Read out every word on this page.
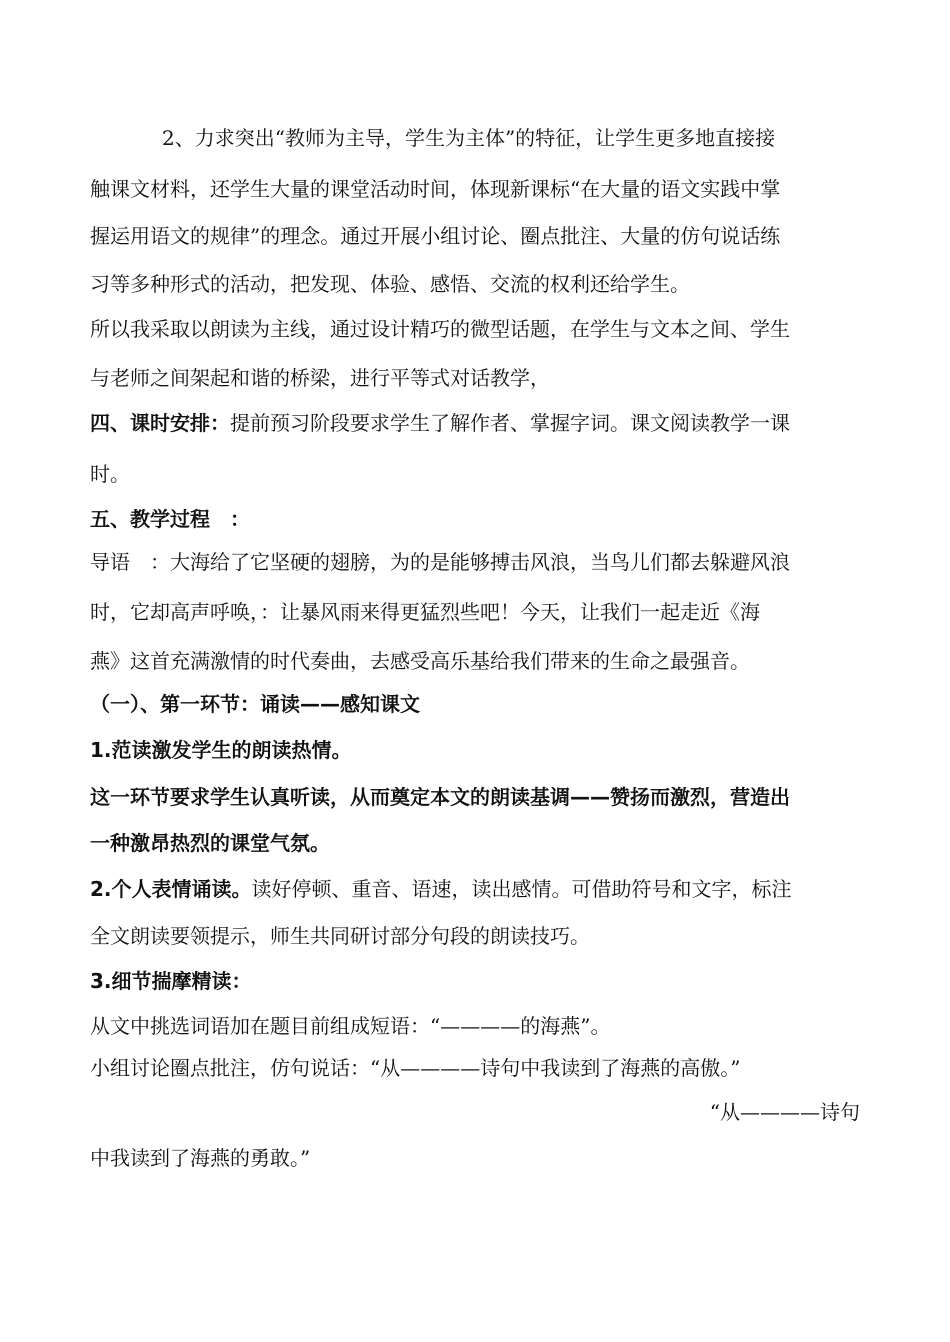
2、力求突出“教师为主导，学生为主体”的特征，让学生更多地直接接
触课文材料，还学生大量的课堂活动时间，体现新课标“在大量的语文实践中掌
握运用语文的规律”的理念。通过开展小组讨论、圈点批注、大量的仿句说话练
习等多种形式的活动，把发现、体验、感悟、交流的权利还给学生。
所以我采取以朗读为主线，通过设计精巧的微型话题，在学生与文本之间、学生
与老师之间架起和谐的桥梁，进行平等式对话教学，
四、课时安排：提前预习阶段要求学生了解作者、掌握字词。课文阅读教学一课
时。
五、教学过程　：
导语　：大海给了它坚硬的翅膀，为的是能够搏击风浪，当鸟儿们都去躲避风浪
时，它却高声呼唤，：让暴风雨来得更猛烈些吧！今天，让我们一起走近《海
燕》这首充满激情的时代奏曲，去感受高乐基给我们带来的生命之最强音。
（一）、第一环节：诵读——感知课文
1.范读激发学生的朗读热情。
这一环节要求学生认真听读，从而奠定本文的朗读基调——赞扬而激烈，营造出
一种激昂热烈的课堂气氛。
2.个人表情诵读。读好停顿、重音、语速，读出感情。可借助符号和文字，标注
全文朗读要领提示，师生共同研讨部分句段的朗读技巧。
3.细节揣摩精读：
从文中挑选词语加在题目前组成短语：“————的海燕”。
小组讨论圈点批注，仿句说话：“从————诗句中我读到了海燕的高傲。”
“从————诗句
中我读到了海燕的勇敢。”
